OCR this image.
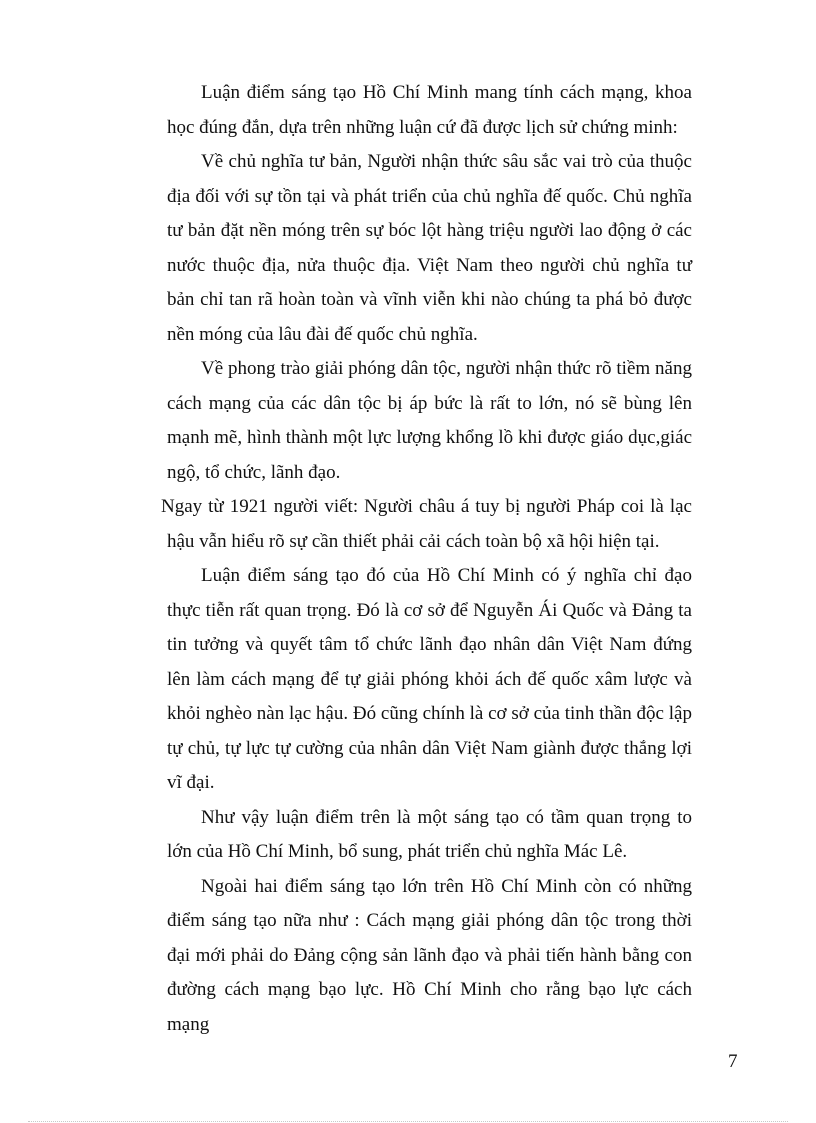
Luận điểm sáng tạo Hồ Chí Minh mang tính cách mạng, khoa học đúng đắn, dựa trên những luận cứ đã được lịch sử chứng minh:

Về chủ nghĩa tư bản, Người nhận thức sâu sắc vai trò của thuộc địa đối với sự tồn tại và phát triển của chủ nghĩa đế quốc. Chủ nghĩa tư bản đặt nền móng trên sự bóc lột hàng triệu người lao động ở các nước thuộc địa, nửa thuộc địa. Việt Nam theo người chủ nghĩa tư bản chỉ tan rã hoàn toàn và vĩnh viễn khi nào chúng ta phá bỏ được nền móng của lâu đài đế quốc chủ nghĩa.

Về phong trào giải phóng dân tộc, người nhận thức rõ tiềm năng cách mạng của các dân tộc bị áp bức là rất to lớn, nó sẽ bùng lên mạnh mẽ, hình thành một lực lượng khổng lồ khi được giáo dục,giác ngộ, tổ chức, lãnh đạo.

Ngay từ 1921 người viết: Người châu á tuy bị người Pháp coi là lạc hậu vẫn hiểu rõ sự cần thiết phải cải cách toàn bộ xã hội hiện tại.

Luận điểm sáng tạo đó của Hồ Chí Minh có ý nghĩa chỉ đạo thực tiễn rất quan trọng. Đó là cơ sở để Nguyễn Ái Quốc và Đảng ta tin tưởng và quyết tâm tổ chức lãnh đạo nhân dân Việt Nam đứng lên làm cách mạng để tự giải phóng khỏi ách đế quốc xâm lược và khỏi nghèo nàn lạc hậu. Đó cũng chính là cơ sở của tinh thần độc lập tự chủ, tự lực tự cường của nhân dân Việt Nam giành được thắng lợi vĩ đại.

Như vậy luận điểm trên là một sáng tạo có tầm quan trọng to lớn của Hồ Chí Minh, bổ sung, phát triển chủ nghĩa Mác Lê.

Ngoài hai điểm sáng tạo lớn trên Hồ Chí Minh còn có những điểm sáng tạo nữa như : Cách mạng giải phóng dân tộc trong thời đại mới phải do Đảng cộng sản lãnh đạo và phải tiến hành bằng con đường cách mạng bạo lực. Hồ Chí Minh cho rằng bạo lực cách mạng

7
